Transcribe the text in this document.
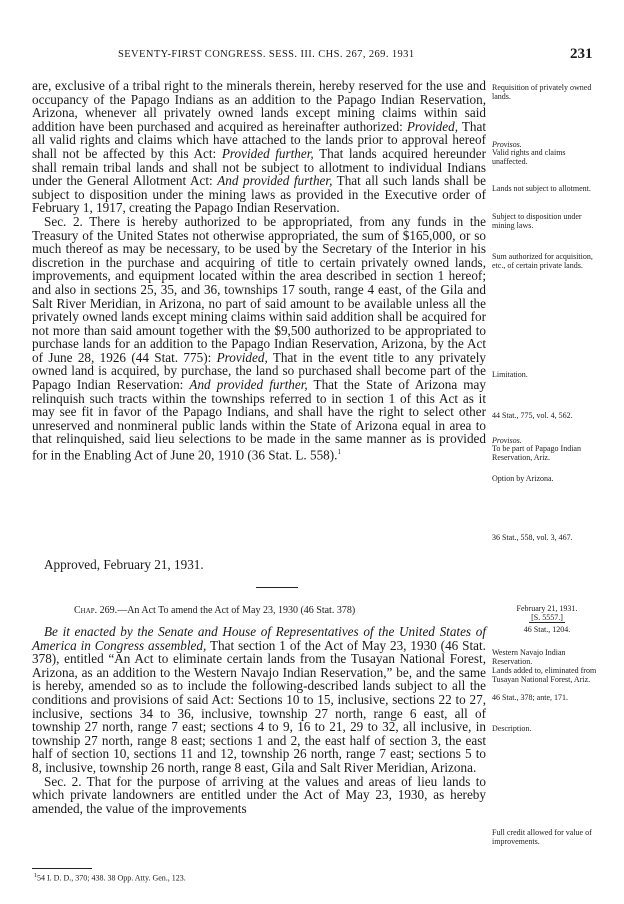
SEVENTY-FIRST CONGRESS. SESS. III. CHS. 267, 269. 1931	231

are, exclusive of a tribal right to the minerals therein, hereby reserved for the use and occupancy of the Papago Indians as an addition to the Papago Indian Reservation, Arizona, whenever all privately owned lands except mining claims within said addition have been purchased and acquired as hereinafter authorized: Provided, That all valid rights and claims which have attached to the lands prior to approval hereof shall not be affected by this Act: Provided further, That lands acquired hereunder shall remain tribal lands and shall not be subject to allotment to individual Indians under the General Allotment Act: And provided further, That all such lands shall be subject to disposition under the mining laws as provided in the Executive order of February 1, 1917, creating the Papago Indian Reservation.

Sec. 2. There is hereby authorized to be appropriated, from any funds in the Treasury of the United States not otherwise appropriated, the sum of $165,000, or so much thereof as may be necessary, to be used by the Secretary of the Interior in his discretion in the purchase and acquiring of title to certain privately owned lands, improvements, and equipment located within the area described in section 1 hereof; and also in sections 25, 35, and 36, townships 17 south, range 4 east, of the Gila and Salt River Meridian, in Arizona, no part of said amount to be available unless all the privately owned lands except mining claims within said addition shall be acquired for not more than said amount together with the $9,500 authorized to be appropriated to purchase lands for an addition to the Papago Indian Reservation, Arizona, by the Act of June 28, 1926 (44 Stat. 775): Provided, That in the event title to any privately owned land is acquired, by purchase, the land so purchased shall become part of the Papago Indian Reservation: And provided further, That the State of Arizona may relinquish such tracts within the townships referred to in section 1 of this Act as it may see fit in favor of the Papago Indians, and shall have the right to select other unreserved and nonmineral public lands within the State of Arizona equal in area to that relinquished, said lieu selections to be made in the same manner as is provided for in the Enabling Act of June 20, 1910 (36 Stat. L. 558).$^1$

Approved, February 21, 1931.
Chap. 269.—An Act To amend the Act of May 23, 1930 (46 Stat. 378)

Be it enacted by the Senate and House of Representatives of the United States of America in Congress assembled, That section 1 of the Act of May 23, 1930 (46 Stat. 378), entitled “An Act to eliminate certain lands from the Tusayan National Forest, Arizona, as an addition to the Western Navajo Indian Reservation,” be, and the same is hereby, amended so as to include the following-described lands subject to all the conditions and provisions of said Act: Sections 10 to 15, inclusive, sections 22 to 27, inclusive, sections 34 to 36, inclusive, township 27 north, range 6 east, all of township 27 north, range 7 east; sections 4 to 9, 16 to 21, 29 to 32, all inclusive, in township 27 north, range 8 east; sections 1 and 2, the east half of section 3, the east half of section 10, sections 11 and 12, township 26 north, range 7 east; sections 5 to 8, inclusive, township 26 north, range 8 east, Gila and Salt River Meridian, Arizona.

Sec. 2. That for the purpose of arriving at the values and areas of lieu lands to which private landowners are entitled under the Act of May 23, 1930, as hereby amended, the value of the improvements

Requisition of privately owned lands.
Provisos.
Valid rights and claims unaffected.
Lands not subject to allotment.
Subject to disposition under mining laws.
Sum authorized for acquisition, etc., of certain private lands.
Limitation.
44 Stat., 775, vol. 4, 562.
Provisos.
To be part of Papago Indian Reservation, Ariz.
Option by Arizona.
36 Stat., 558, vol. 3, 467.
February 21, 1931.
[S. 5557.]
46 Stat., 1204.
Western Navajo Indian Reservation.
Lands added to, eliminated from Tusayan National Forest, Ariz.
46 Stat., 378; ante, 171.
Description.
Full credit allowed for value of improvements.
$^1$54 I. D. D., 370; 438. 38 Opp. Atty. Gen., 123.
